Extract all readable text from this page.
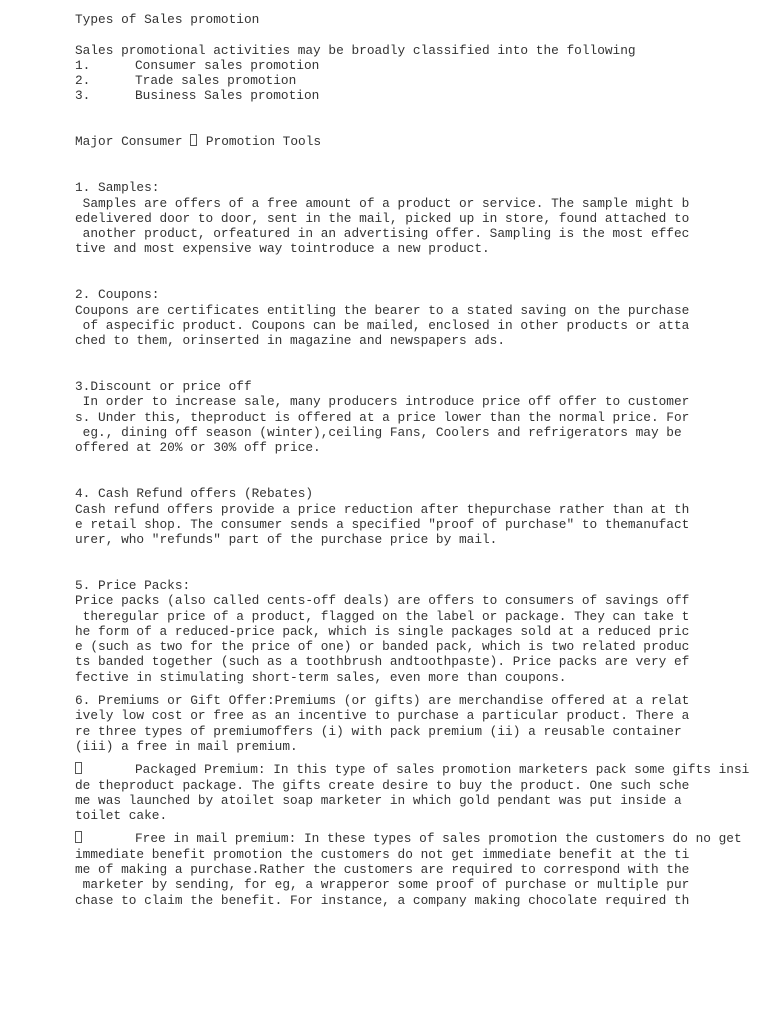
Types of Sales promotion
Sales promotional activities may be broadly classified into the following
1.	Consumer sales promotion
2.	Trade sales promotion
3.	Business Sales promotion
Major Consumer  Promotion Tools
1. Samples:
Samples are offers of a free amount of a product or service. The sample might b
edelivered door to door, sent in the mail, picked up in store, found attached to
another product, orfeatured in an advertising offer. Sampling is the most effec
tive and most expensive way tointroduce a new product.
2. Coupons:
Coupons are certificates entitling the bearer to a stated saving on the purchase
of aspecific product. Coupons can be mailed, enclosed in other products or atta
ched to them, orinserted in magazine and newspapers ads.
3.Discount or price off
In order to increase sale, many producers introduce price off offer to customer
s. Under this, theproduct is offered at a price lower than the normal price. For
eg., dining off season (winter),ceiling Fans, Coolers and refrigerators may be
offered at 20% or 30% off price.
4. Cash Refund offers (Rebates)
Cash refund offers provide a price reduction after thepurchase rather than at th
e retail shop. The consumer sends a specified "proof of purchase" to themanufact
urer, who "refunds" part of the purchase price by mail.
5. Price Packs:
Price packs (also called cents-off deals) are offers to consumers of savings off
theregular price of a product, flagged on the label or package. They can take t
he form of a reduced-price pack, which is single packages sold at a reduced pric
e (such as two for the price of one) or banded pack, which is two related produc
ts banded together (such as a toothbrush andtoothpaste). Price packs are very ef
fective in stimulating short-term sales, even more than coupons.
6. Premiums or Gift Offer:Premiums (or gifts) are merchandise offered at a relat
ively low cost or free as an incentive to purchase a particular product. There a
re three types of premiumoffers (i) with pack premium (ii) a reusable container
(iii) a free in mail premium.
Packaged Premium: In this type of sales promotion marketers pack some gifts insi
de theproduct package. The gifts create desire to buy the product. One such sche
me was launched by atoilet soap marketer in which gold pendant was put inside a
toilet cake.
Free in mail premium: In these types of sales promotion the customers do no get
immediate benefit promotion the customers do not get immediate benefit at the ti
me of making a purchase.Rather the customers are required to correspond with the
marketer by sending, for eg, a wrapperor some proof of purchase or multiple pur
chase to claim the benefit. For instance, a company making chocolate required th
